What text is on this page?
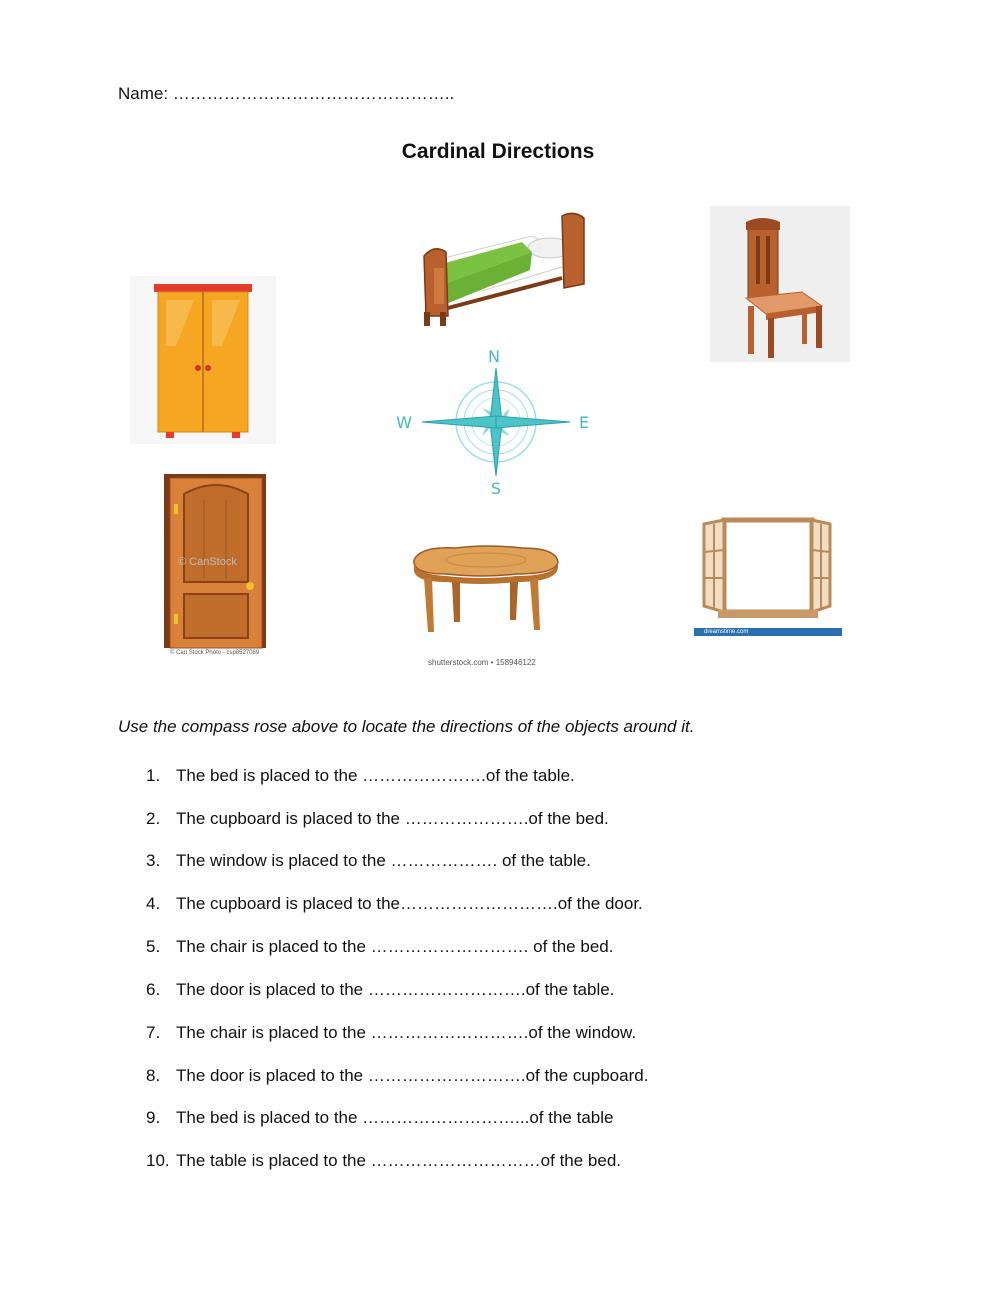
Name: …………………………………………..
Cardinal Directions
N
E
S
W
© Can Stock Photo - csp8527089
© CanStock
shutterstock.com • 158946122
dreamstime.com
Use the compass rose above to locate the directions of the objects around it.
1. The bed is placed to the ………………….of the table.
2. The cupboard is placed to the ………………….of the bed.
3. The window is placed to the ………………. of the table.
4. The cupboard is placed to the……………………….of the door.
5. The chair is placed to the ………………………. of the bed.
6. The door is placed to the ……………………….of the table.
7. The chair is placed to the ……………………….of the window.
8. The door is placed to the ……………………….of the cupboard.
9. The bed is placed to the ………………………...of the table
10. The table is placed to the …………………………of the bed.
